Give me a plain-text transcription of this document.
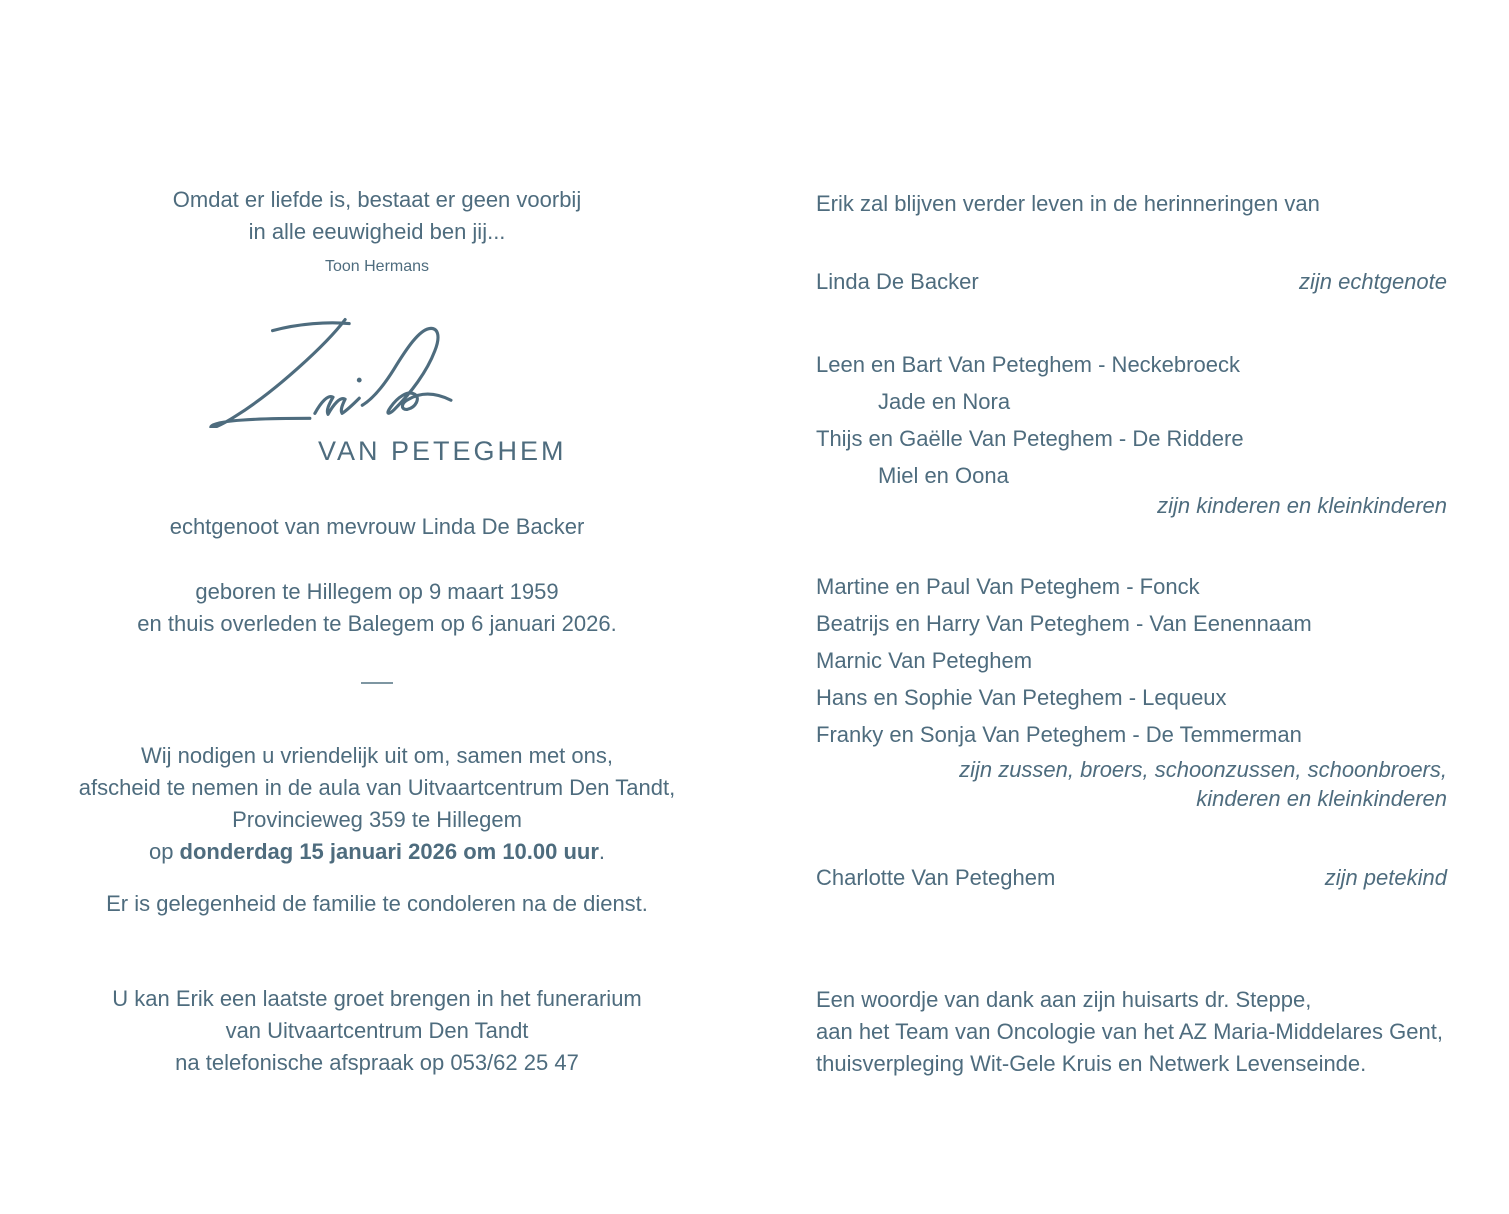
Omdat er liefde is, bestaat er geen voorbij
in alle eeuwigheid ben jij...
Toon Hermans
VAN PETEGHEM
echtgenoot van mevrouw Linda De Backer
geboren te Hillegem op 9 maart 1959
en thuis overleden te Balegem op 6 januari 2026.
Wij nodigen u vriendelijk uit om, samen met ons,
afscheid te nemen in de aula van Uitvaartcentrum Den Tandt,
Provincieweg 359 te Hillegem
op donderdag 15 januari 2026 om 10.00 uur.
Er is gelegenheid de familie te condoleren na de dienst.
U kan Erik een laatste groet brengen in het funerarium
van Uitvaartcentrum Den Tandt
na telefonische afspraak op 053/62 25 47
Erik zal blijven verder leven in de herinneringen van
Linda De Backer	zijn echtgenote
Leen en Bart Van Peteghem - Neckebroeck
Jade en Nora
Thijs en Gaëlle Van Peteghem - De Riddere
Miel en Oona
zijn kinderen en kleinkinderen
Martine en Paul Van Peteghem - Fonck
Beatrijs en Harry Van Peteghem - Van Eenennaam
Marnic Van Peteghem
Hans en Sophie Van Peteghem - Lequeux
Franky en Sonja Van Peteghem - De Temmerman
zijn zussen, broers, schoonzussen, schoonbroers,
kinderen en kleinkinderen
Charlotte Van Peteghem	zijn petekind
Een woordje van dank aan zijn huisarts dr. Steppe,
aan het Team van Oncologie van het AZ Maria-Middelares Gent,
thuisverpleging Wit-Gele Kruis en Netwerk Levenseinde.
